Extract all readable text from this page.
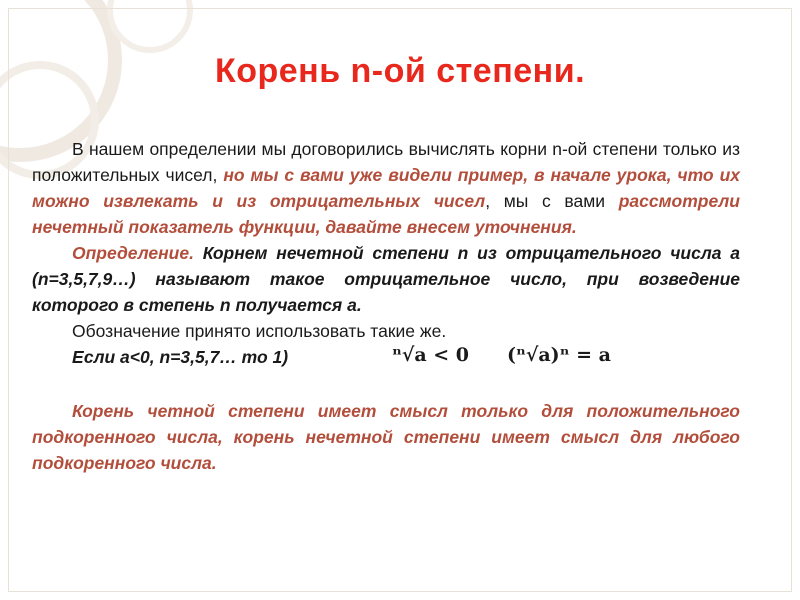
Корень n-ой степени.

В нашем определении мы договорились вычислять корни n-ой степени только из положительных чисел, но мы с вами уже видели пример, в начале урока, что их можно извлекать и из отрицательных чисел, мы с вами рассмотрели нечетный показатель функции, давайте внесем уточнения.

Определение. Корнем нечетной степени n из отрицательного числа a (n=3,5,7,9…) называют такое отрицательное число, при возведение которого в степень n получается a.

Обозначение принято использовать такие же.

Если a<0, n=3,5,7… то 1)	ⁿ√a < 0 (ⁿ√a)ⁿ = a

Корень четной степени имеет смысл только для положительного подкоренного числа, корень нечетной степени имеет смысл для любого подкоренного числа.
